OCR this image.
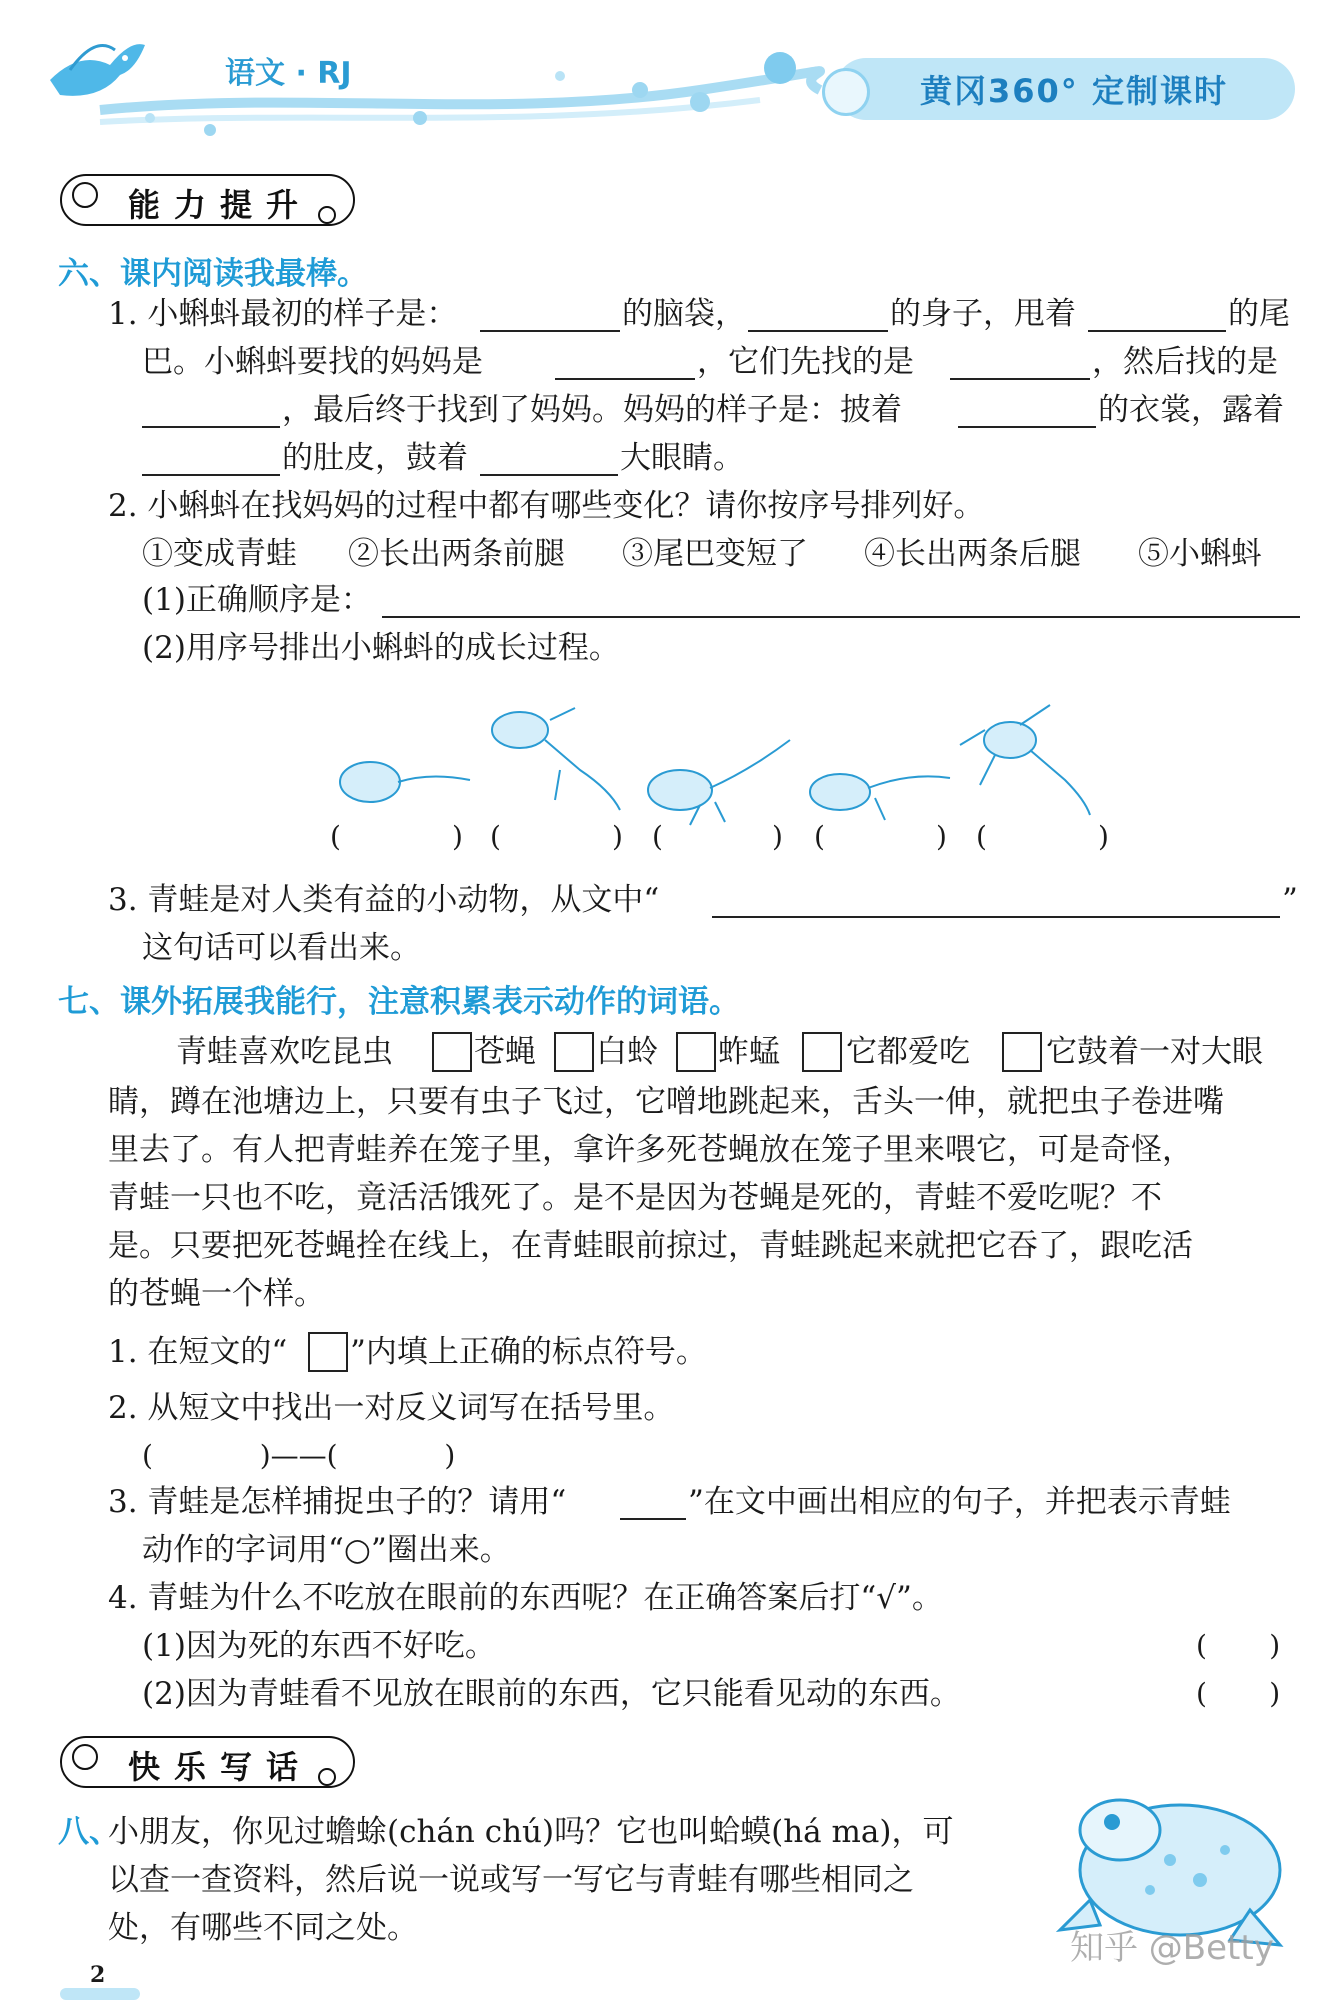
语文 · RJ	黄冈360° 定制课时
能力提升
六、课内阅读我最棒。
1. 小蝌蚪最初的样子是：	的脑袋，	的身子，甩着	的尾
巴。小蝌蚪要找的妈妈是	，它们先找的是	，然后找的是
，最后终于找到了妈妈。妈妈的样子是：披着	的衣裳，露着
的肚皮，鼓着	大眼睛。
2. 小蝌蚪在找妈妈的过程中都有哪些变化？请你按序号排列好。
①变成青蛙 ②长出两条前腿 ③尾巴变短了 ④长出两条后腿 ⑤小蝌蚪
(1)正确顺序是：
(2)用序号排出小蝌蚪的成长过程。
(	) (	) (	) (	) (	)
3. 青蛙是对人类有益的小动物，从文中“	”
这句话可以看出来。
七、课外拓展我能行，注意积累表示动作的词语。
青蛙喜欢吃昆虫	苍蝇 白蛉 蚱蜢 它都爱吃 它鼓着一对大眼
睛，蹲在池塘边上，只要有虫子飞过，它噌地跳起来，舌头一伸，就把虫子卷进嘴
里去了。有人把青蛙养在笼子里，拿许多死苍蝇放在笼子里来喂它，可是奇怪，
青蛙一只也不吃，竟活活饿死了。是不是因为苍蝇是死的，青蛙不爱吃呢？不
是。只要把死苍蝇拴在线上，在青蛙眼前掠过，青蛙跳起来就把它吞了，跟吃活
的苍蝇一个样。
1. 在短文的“ ”内填上正确的标点符号。
2. 从短文中找出一对反义词写在括号里。
(            )——(            )
3. 青蛙是怎样捕捉虫子的？请用“	”在文中画出相应的句子，并把表示青蛙
动作的字词用“○”圈出来。
4. 青蛙为什么不吃放在眼前的东西呢？在正确答案后打“√”。
(1)因为死的东西不好吃。	(       )
(2)因为青蛙看不见放在眼前的东西，它只能看见动的东西。	(       )
快乐写话
八、
小朋友，你见过蟾蜍(chán chú)吗？它也叫蛤蟆(há ma)，可
以查一查资料，然后说一说或写一写它与青蛙有哪些相同之
处，有哪些不同之处。
2
知乎 @Betty
